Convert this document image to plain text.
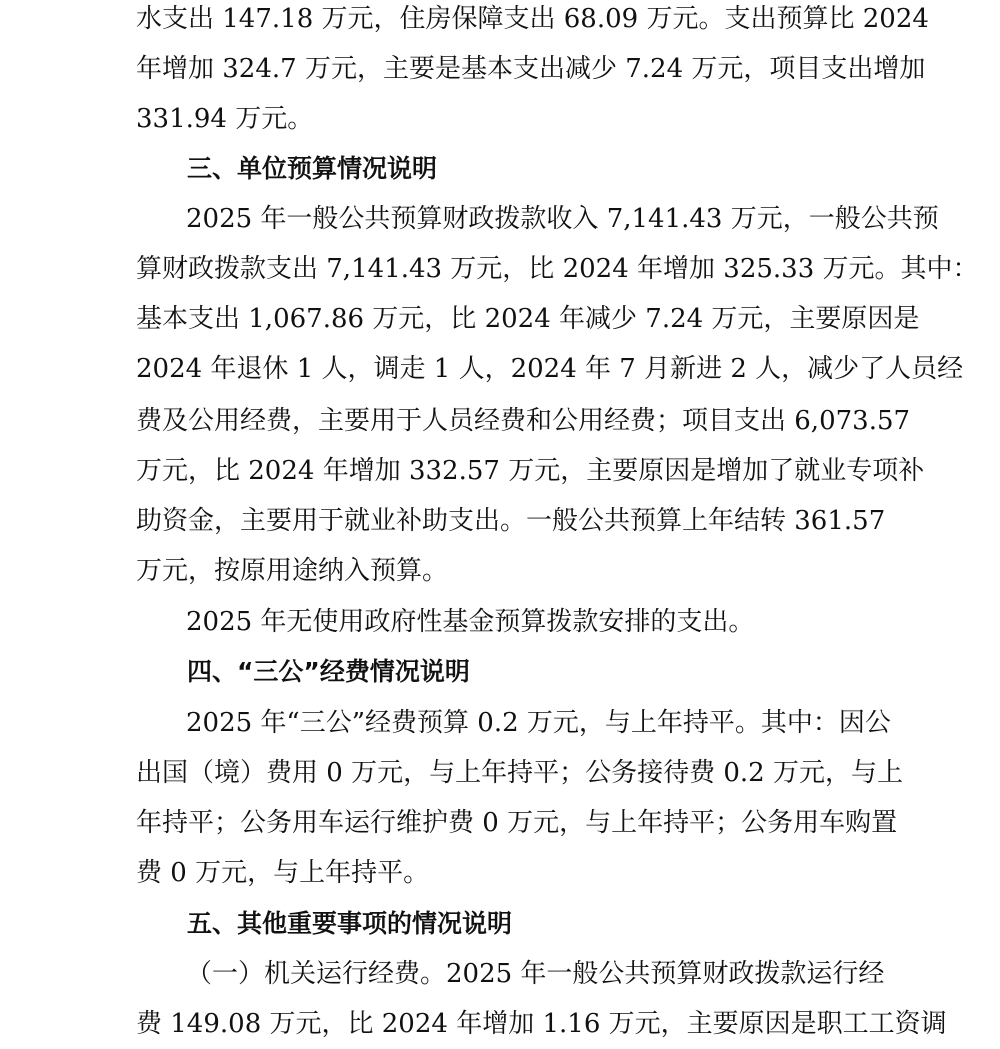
水支出 147.18 万元，住房保障支出 68.09 万元。支出预算比 2024
年增加 324.7 万元，主要是基本支出减少 7.24 万元，项目支出增加
331.94 万元。
三、单位预算情况说明
2025 年一般公共预算财政拨款收入 7,141.43 万元，一般公共预
算财政拨款支出 7,141.43 万元，比 2024 年增加 325.33 万元。其中：
基本支出 1,067.86 万元，比 2024 年减少 7.24 万元，主要原因是
2024 年退休 1 人，调走 1 人，2024 年 7 月新进 2 人，减少了人员经
费及公用经费，主要用于人员经费和公用经费；项目支出 6,073.57
万元，比 2024 年增加 332.57 万元，主要原因是增加了就业专项补
助资金，主要用于就业补助支出。一般公共预算上年结转 361.57
万元，按原用途纳入预算。
2025 年无使用政府性基金预算拨款安排的支出。
四、“三公”经费情况说明
2025 年“三公”经费预算 0.2 万元，与上年持平。其中：因公
出国（境）费用 0 万元，与上年持平；公务接待费 0.2 万元，与上
年持平；公务用车运行维护费 0 万元，与上年持平；公务用车购置
费 0 万元，与上年持平。
五、其他重要事项的情况说明
（一）机关运行经费。2025 年一般公共预算财政拨款运行经
费 149.08 万元，比 2024 年增加 1.16 万元，主要原因是职工工资调
